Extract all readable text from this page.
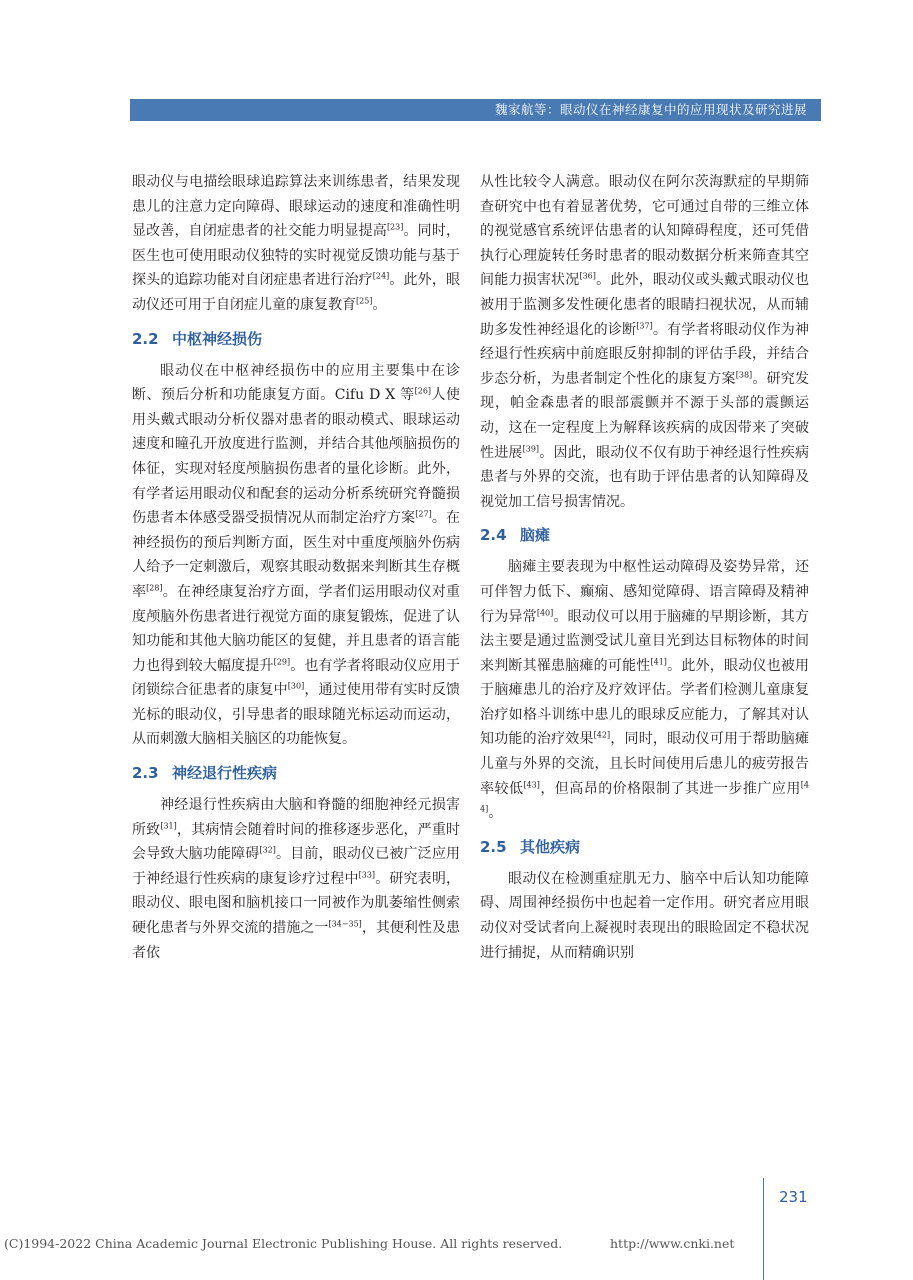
魏家航等：眼动仪在神经康复中的应用现状及研究进展

眼动仪与电描绘眼球追踪算法来训练患者，结果发现患儿的注意力定向障碍、眼球运动的速度和准确性明显改善，自闭症患者的社交能力明显提高[23]。同时，医生也可使用眼动仪独特的实时视觉反馈功能与基于探头的追踪功能对自闭症患者进行治疗[24]。此外，眼动仪还可用于自闭症儿童的康复教育[25]。

2.2 中枢神经损伤

眼动仪在中枢神经损伤中的应用主要集中在诊断、预后分析和功能康复方面。Cifu D X 等[26]人使用头戴式眼动分析仪器对患者的眼动模式、眼球运动速度和瞳孔开放度进行监测，并结合其他颅脑损伤的体征，实现对轻度颅脑损伤患者的量化诊断。此外，有学者运用眼动仪和配套的运动分析系统研究脊髓损伤患者本体感受器受损情况从而制定治疗方案[27]。在神经损伤的预后判断方面，医生对中重度颅脑外伤病人给予一定刺激后，观察其眼动数据来判断其生存概率[28]。在神经康复治疗方面，学者们运用眼动仪对重度颅脑外伤患者进行视觉方面的康复锻炼，促进了认知功能和其他大脑功能区的复健，并且患者的语言能力也得到较大幅度提升[29]。也有学者将眼动仪应用于闭锁综合征患者的康复中[30]，通过使用带有实时反馈光标的眼动仪，引导患者的眼球随光标运动而运动，从而刺激大脑相关脑区的功能恢复。

2.3 神经退行性疾病

神经退行性疾病由大脑和脊髓的细胞神经元损害所致[31]，其病情会随着时间的推移逐步恶化，严重时会导致大脑功能障碍[32]。目前，眼动仪已被广泛应用于神经退行性疾病的康复诊疗过程中[33]。研究表明，眼动仪、眼电图和脑机接口一同被作为肌萎缩性侧索硬化患者与外界交流的措施之一[34−35]，其便利性及患者依

从性比较令人满意。眼动仪在阿尔茨海默症的早期筛查研究中也有着显著优势，它可通过自带的三维立体的视觉感官系统评估患者的认知障碍程度，还可凭借执行心理旋转任务时患者的眼动数据分析来筛查其空间能力损害状况[36]。此外，眼动仪或头戴式眼动仪也被用于监测多发性硬化患者的眼睛扫视状况，从而辅助多发性神经退化的诊断[37]。有学者将眼动仪作为神经退行性疾病中前庭眼反射抑制的评估手段，并结合步态分析，为患者制定个性化的康复方案[38]。研究发现，帕金森患者的眼部震颤并不源于头部的震颤运动，这在一定程度上为解释该疾病的成因带来了突破性进展[39]。因此，眼动仪不仅有助于神经退行性疾病患者与外界的交流，也有助于评估患者的认知障碍及视觉加工信号损害情况。

2.4 脑瘫

脑瘫主要表现为中枢性运动障碍及姿势异常，还可伴智力低下、癫痫、感知觉障碍、语言障碍及精神行为异常[40]。眼动仪可以用于脑瘫的早期诊断，其方法主要是通过监测受试儿童目光到达目标物体的时间来判断其罹患脑瘫的可能性[41]。此外，眼动仪也被用于脑瘫患儿的治疗及疗效评估。学者们检测儿童康复治疗如格斗训练中患儿的眼球反应能力，了解其对认知功能的治疗效果[42]，同时，眼动仪可用于帮助脑瘫儿童与外界的交流，且长时间使用后患儿的疲劳报告率较低[43]，但高昂的价格限制了其进一步推广应用[44]。

2.5 其他疾病

眼动仪在检测重症肌无力、脑卒中后认知功能障碍、周围神经损伤中也起着一定作用。研究者应用眼动仪对受试者向上凝视时表现出的眼睑固定不稳状况进行捕捉，从而精确识别

231
(C)1994-2022 China Academic Journal Electronic Publishing House. All rights reserved.	http://www.cnki.net
